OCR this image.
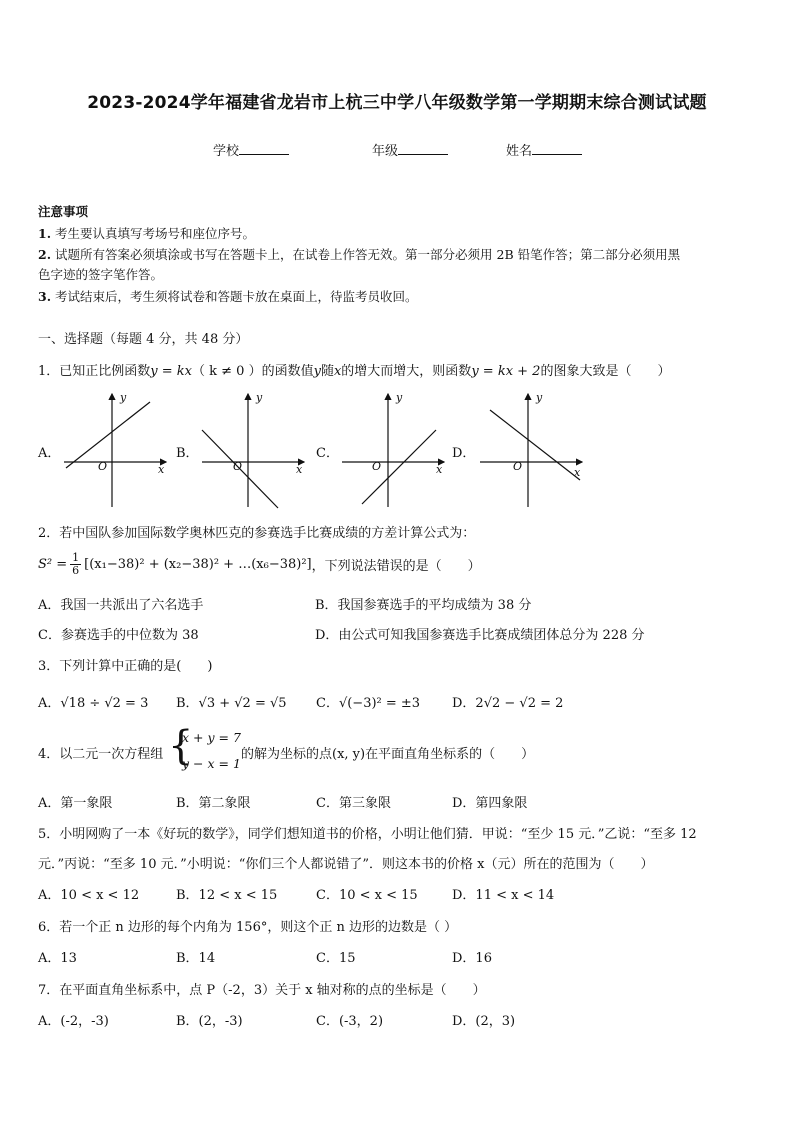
2023-2024学年福建省龙岩市上杭三中学八年级数学第一学期期末综合测试试题
学校	年级	姓名
注意事项
1. 考生要认真填写考场号和座位序号。
2. 试题所有答案必须填涂或书写在答题卡上，在试卷上作答无效。第一部分必须用 2B 铅笔作答；第二部分必须用黑
色字迹的签字笔作答。
3. 考试结束后，考生须将试卷和答题卡放在桌面上，待监考员收回。
一、选择题（每题 4 分，共 48 分）
1．已知正比例函数y = kx（ k ≠ 0 ）的函数值y随x的增大而增大，则函数y = kx + 2的图象大致是（　　）
A．	B．	C．	D．
y
x
O
y
x
O
y
x
O
y
x
O
2．若中国队参加国际数学奥林匹克的参赛选手比赛成绩的方差计算公式为：
$S^2 = \frac{1}{6} [(x_1-38)^2 + (x_2-38)^2$ + …(x₆−38)²] ，下列说法错误的是（　　）
A．我国一共派出了六名选手	B．我国参赛选手的平均成绩为 38 分
C．参赛选手的中位数为 38	D．由公式可知我国参赛选手比赛成绩团体总分为 228 分
3．下列计算中正确的是(　　)
A．√18 ÷ √2 = 3 B．√3 + √2 = √5 C．√(−3)² = ±3 D．2√2 − √2 = 2
4．以二元一次方程组 {
x + y = 7
y − x = 1
的解为坐标的点(x, y)在平面直角坐标系的（　　）
A．第一象限	B．第二象限	C．第三象限	D．第四象限
5．小明网购了一本《好玩的数学》，同学们想知道书的价格，小明让他们猜．甲说：“至少 15 元．”乙说：“至多 12
元．”丙说：“至多 10 元．”小明说：“你们三个人都说错了”．则这本书的价格 x（元）所在的范围为（　　）
A．10 < x < 12	B．12 < x < 15	C．10 < x < 15	D．11 < x < 14
6．若一个正 n 边形的每个内角为 156°，则这个正 n 边形的边数是（ ）
A．13	B．14	C．15	D．16
7．在平面直角坐标系中，点 P（-2，3）关于 x 轴对称的点的坐标是（　　）
A．(-2，-3)	B．(2，-3)	C．(-3，2)	D．(2，3)
